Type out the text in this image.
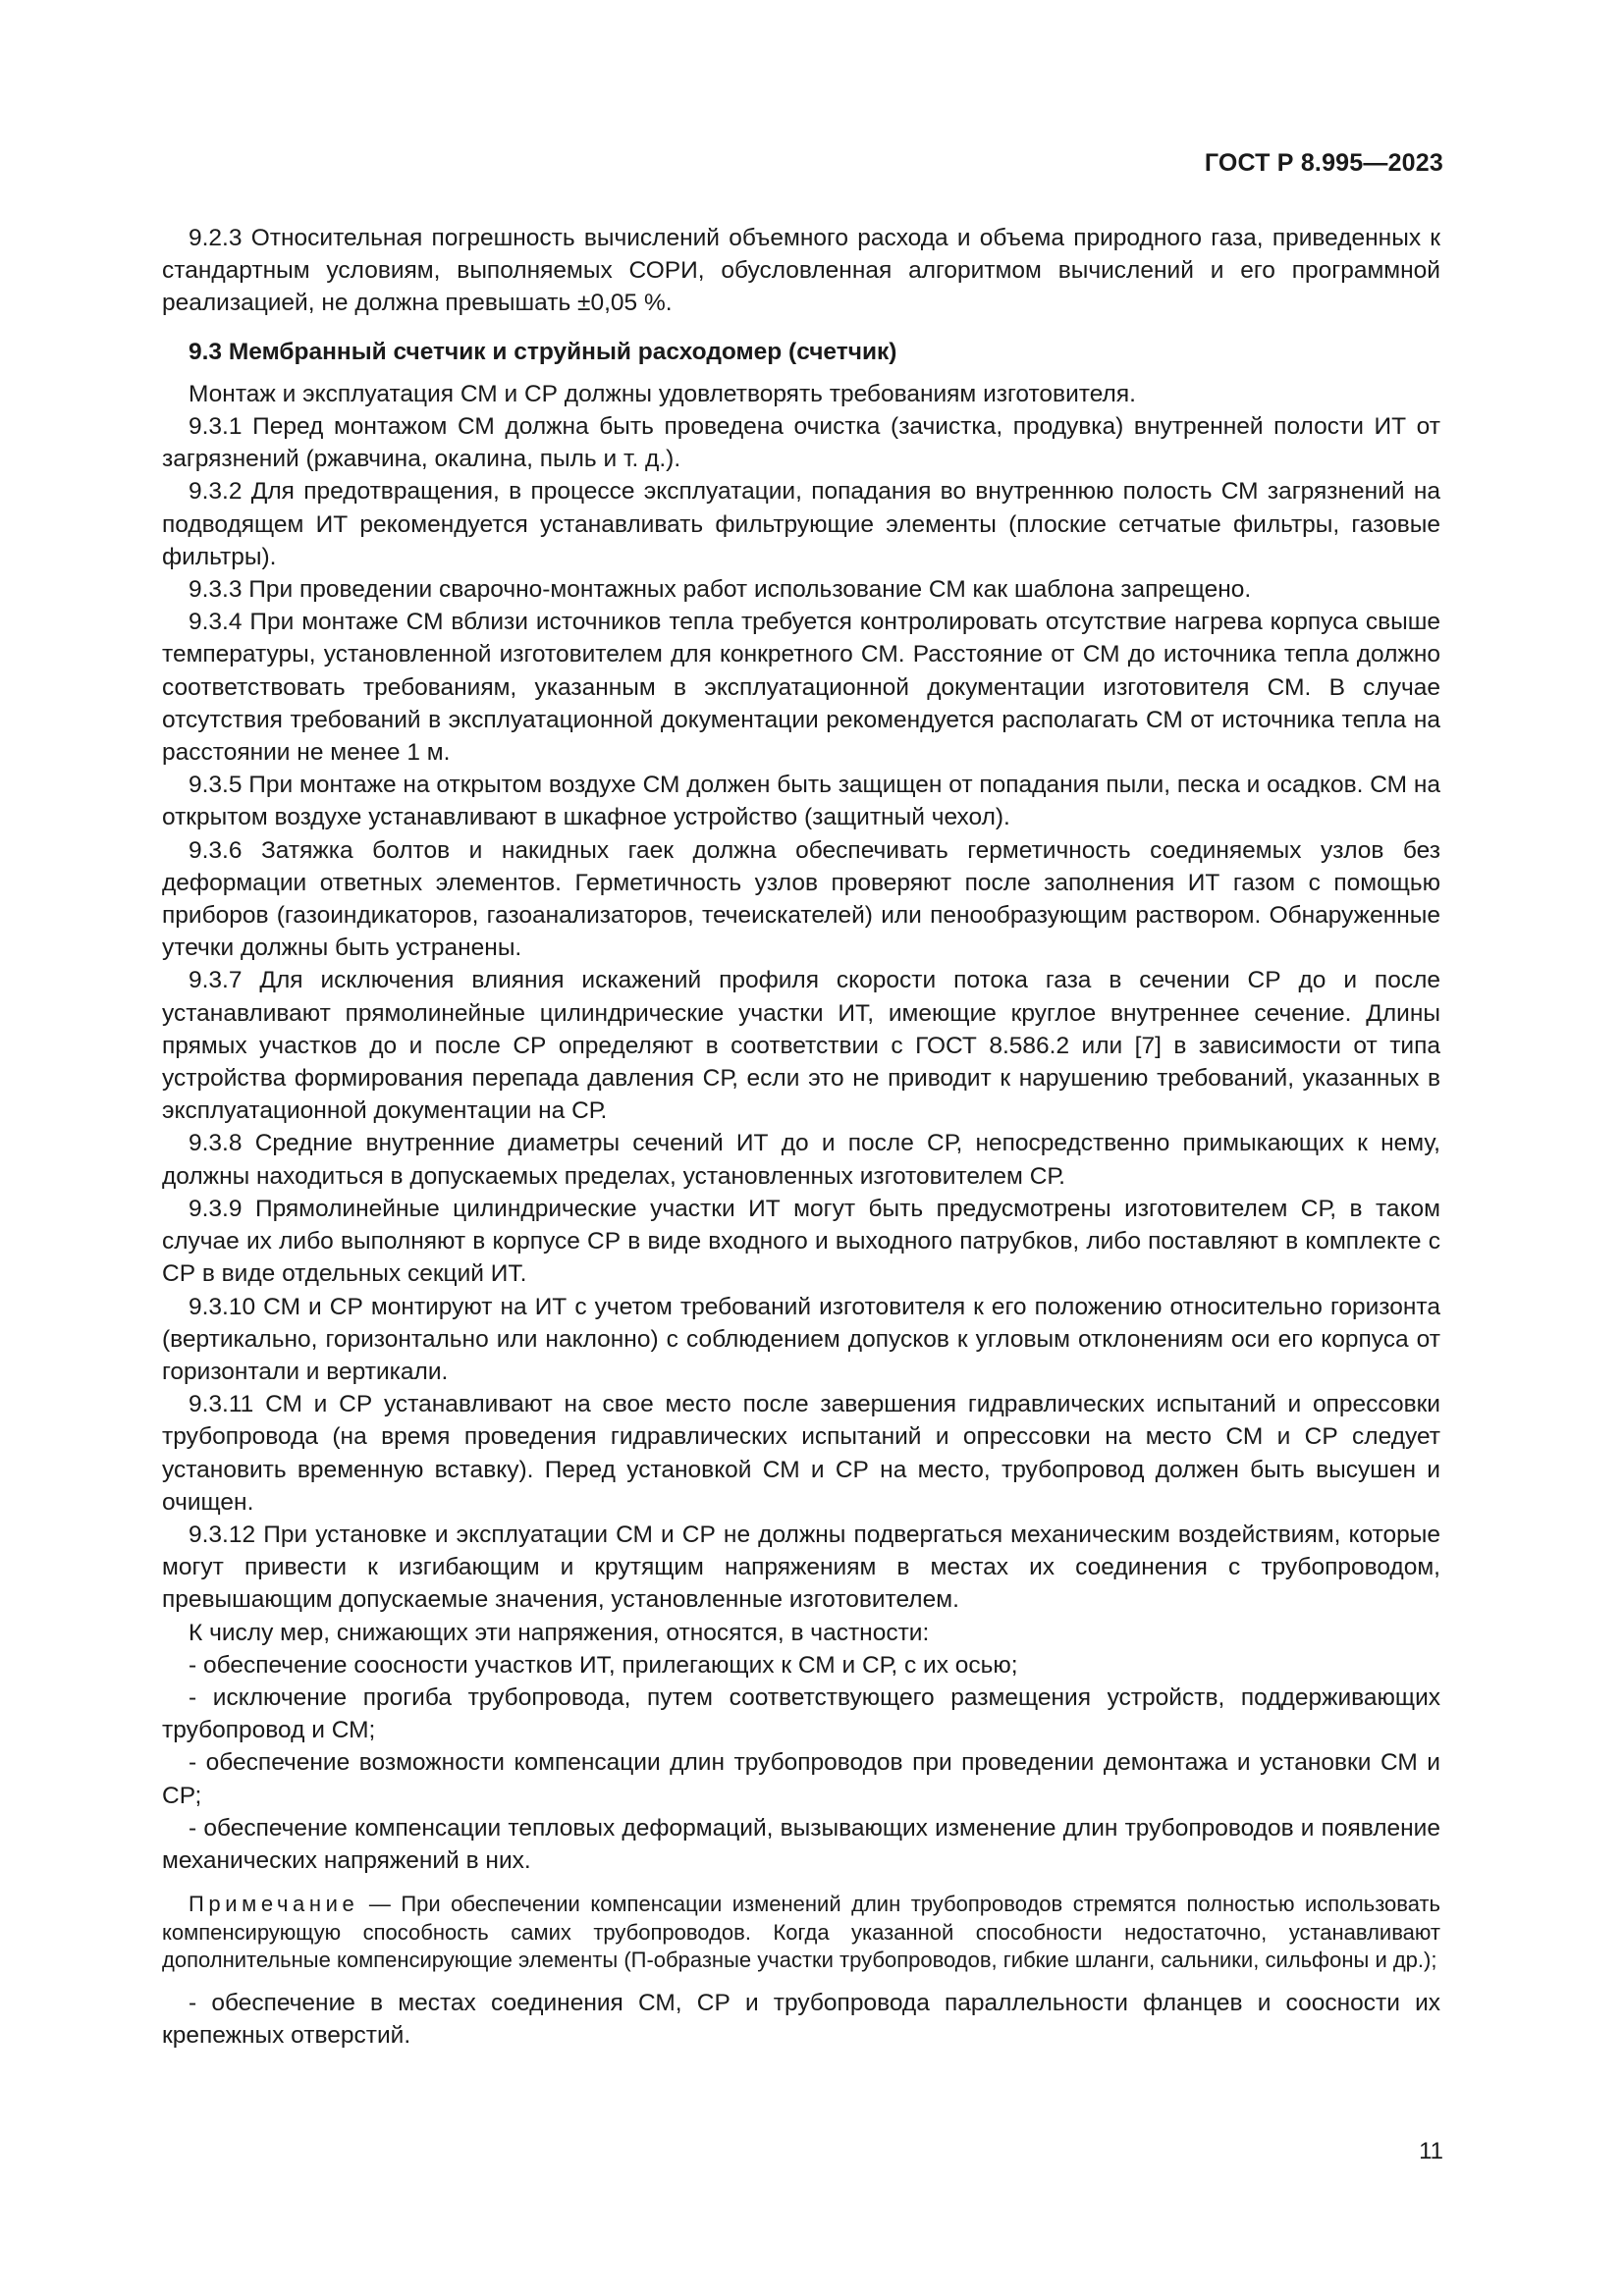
ГОСТ Р 8.995—2023

9.2.3 Относительная погрешность вычислений объемного расхода и объема природного газа, приведенных к стандартным условиям, выполняемых СОРИ, обусловленная алгоритмом вычислений и его программной реализацией, не должна превышать ±0,05 %.

9.3 Мембранный счетчик и струйный расходомер (счетчик)

Монтаж и эксплуатация СМ и СР должны удовлетворять требованиям изготовителя.

9.3.1 Перед монтажом СМ должна быть проведена очистка (зачистка, продувка) внутренней полости ИТ от загрязнений (ржавчина, окалина, пыль и т. д.).

9.3.2 Для предотвращения, в процессе эксплуатации, попадания во внутреннюю полость СМ загрязнений на подводящем ИТ рекомендуется устанавливать фильтрующие элементы (плоские сетчатые фильтры, газовые фильтры).

9.3.3 При проведении сварочно-монтажных работ использование СМ как шаблона запрещено.

9.3.4 При монтаже СМ вблизи источников тепла требуется контролировать отсутствие нагрева корпуса свыше температуры, установленной изготовителем для конкретного СМ. Расстояние от СМ до источника тепла должно соответствовать требованиям, указанным в эксплуатационной документации изготовителя СМ. В случае отсутствия требований в эксплуатационной документации рекомендуется располагать СМ от источника тепла на расстоянии не менее 1 м.

9.3.5 При монтаже на открытом воздухе СМ должен быть защищен от попадания пыли, песка и осадков. СМ на открытом воздухе устанавливают в шкафное устройство (защитный чехол).

9.3.6 Затяжка болтов и накидных гаек должна обеспечивать герметичность соединяемых узлов без деформации ответных элементов. Герметичность узлов проверяют после заполнения ИТ газом с помощью приборов (газоиндикаторов, газоанализаторов, течеискателей) или пенообразующим раствором. Обнаруженные утечки должны быть устранены.

9.3.7 Для исключения влияния искажений профиля скорости потока газа в сечении СР до и после устанавливают прямолинейные цилиндрические участки ИТ, имеющие круглое внутреннее сечение. Длины прямых участков до и после СР определяют в соответствии с ГОСТ 8.586.2 или [7] в зависимости от типа устройства формирования перепада давления СР, если это не приводит к нарушению требований, указанных в эксплуатационной документации на СР.

9.3.8 Средние внутренние диаметры сечений ИТ до и после СР, непосредственно примыкающих к нему, должны находиться в допускаемых пределах, установленных изготовителем СР.

9.3.9 Прямолинейные цилиндрические участки ИТ могут быть предусмотрены изготовителем СР, в таком случае их либо выполняют в корпусе СР в виде входного и выходного патрубков, либо поставляют в комплекте с СР в виде отдельных секций ИТ.

9.3.10 СМ и СР монтируют на ИТ с учетом требований изготовителя к его положению относительно горизонта (вертикально, горизонтально или наклонно) с соблюдением допусков к угловым отклонениям оси его корпуса от горизонтали и вертикали.

9.3.11 СМ и СР устанавливают на свое место после завершения гидравлических испытаний и опрессовки трубопровода (на время проведения гидравлических испытаний и опрессовки на место СМ и СР следует установить временную вставку). Перед установкой СМ и СР на место, трубопровод должен быть высушен и очищен.

9.3.12 При установке и эксплуатации СМ и СР не должны подвергаться механическим воздействиям, которые могут привести к изгибающим и крутящим напряжениям в местах их соединения с трубопроводом, превышающим допускаемые значения, установленные изготовителем.

К числу мер, снижающих эти напряжения, относятся, в частности:

- обеспечение соосности участков ИТ, прилегающих к СМ и СР, с их осью;

- исключение прогиба трубопровода, путем соответствующего размещения устройств, поддерживающих трубопровод и СМ;

- обеспечение возможности компенсации длин трубопроводов при проведении демонтажа и установки СМ и СР;

- обеспечение компенсации тепловых деформаций, вызывающих изменение длин трубопроводов и появление механических напряжений в них.

Примечание — При обеспечении компенсации изменений длин трубопроводов стремятся полностью использовать компенсирующую способность самих трубопроводов. Когда указанной способности недостаточно, устанавливают дополнительные компенсирующие элементы (П-образные участки трубопроводов, гибкие шланги, сальники, сильфоны и др.);

- обеспечение в местах соединения СМ, СР и трубопровода параллельности фланцев и соосности их крепежных отверстий.

11
